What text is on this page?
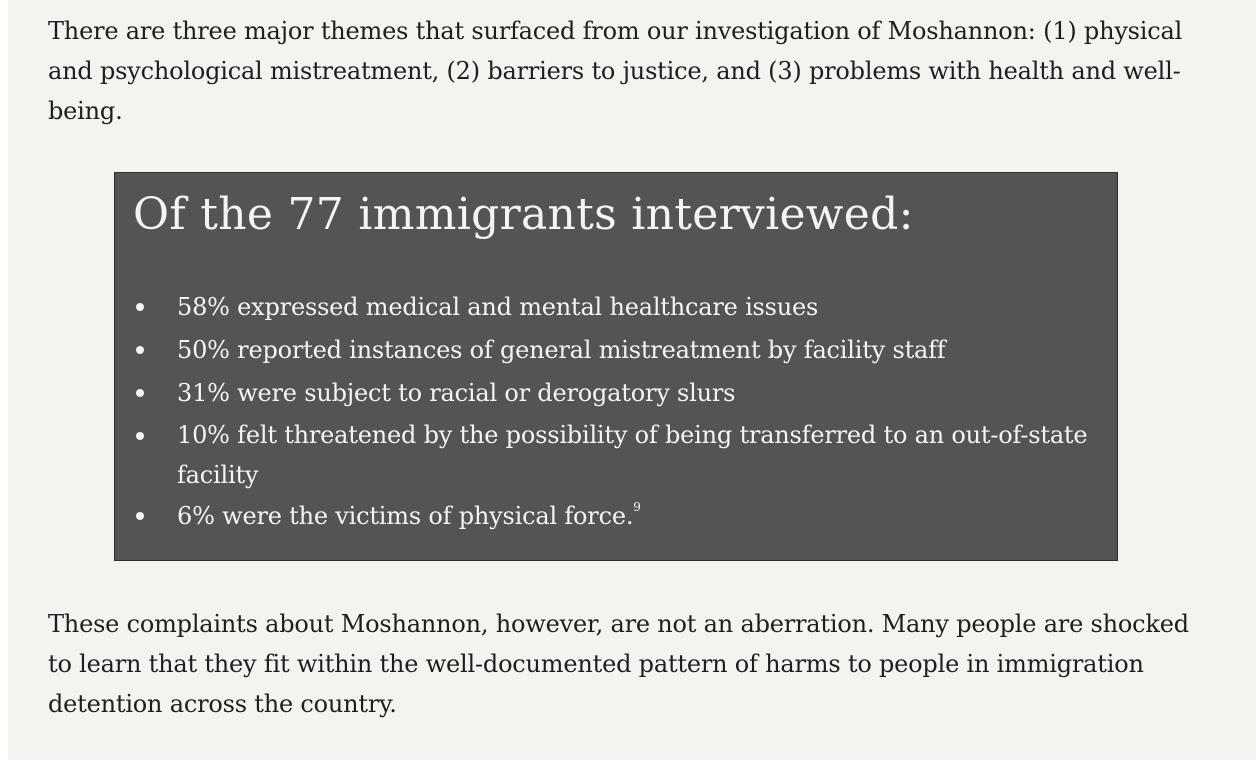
There are three major themes that surfaced from our investigation of Moshannon: (1) physical and psychological mistreatment, (2) barriers to justice, and (3) problems with health and well-being.

Of the 77 immigrants interviewed:
58% expressed medical and mental healthcare issues
50% reported instances of general mistreatment by facility staff
31% were subject to racial or derogatory slurs
10% felt threatened by the possibility of being transferred to an out-of-state facility
6% were the victims of physical force.$^9$

These complaints about Moshannon, however, are not an aberration. Many people are shocked to learn that they fit within the well-documented pattern of harms to people in immigration detention across the country.
